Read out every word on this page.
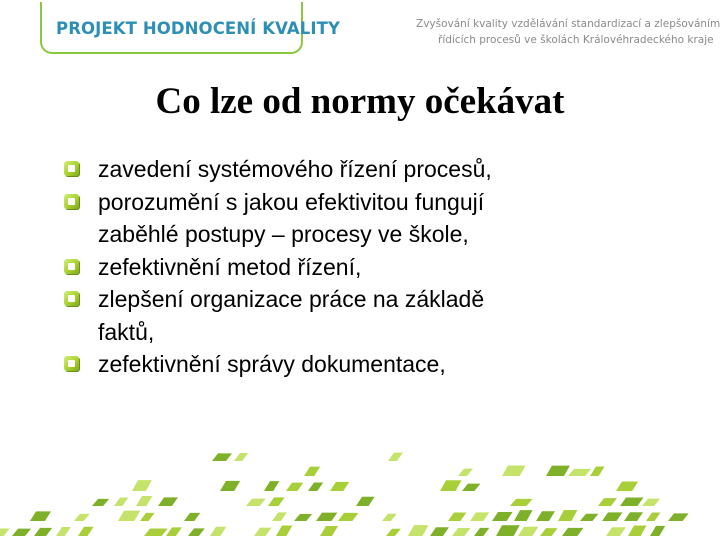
PROJEKT HODNOCENÍ KVALITY	Zvyšování kvality vzdělávání standardizací a zlepšováním
řídících procesů ve školách Královéhradeckého kraje
Co lze od normy očekávat
zavedení systémového řízení procesů,
porozumění s jakou efektivitou fungují
zaběhlé postupy – procesy ve škole,
zefektivnění metod řízení,
zlepšení organizace práce na základě
faktů,
zefektivnění správy dokumentace,
